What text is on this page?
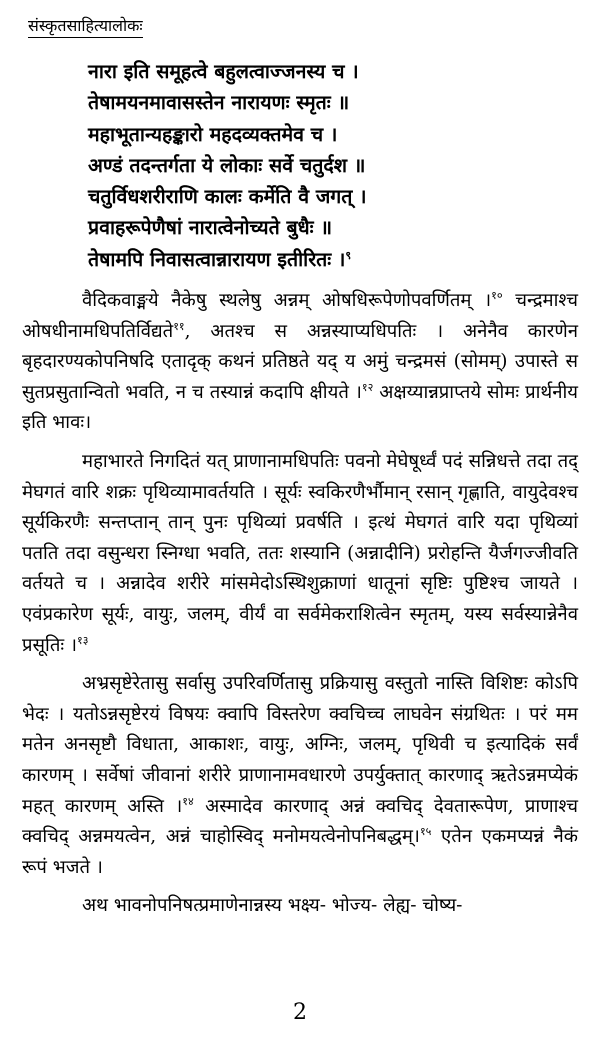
संस्कृतसाहित्यालोकः
नारा इति समूहत्वे बहुलत्वाज्जनस्य च ।
तेषामयनमावासस्तेन नारायणः स्मृतः ॥
महाभूतान्यहङ्कारो महदव्यक्तमेव च ।
अण्डं तदन्तर्गता ये लोकाः सर्वे चतुर्दश ॥
चतुर्विधशरीराणि कालः कर्मेति वै जगत् ।
प्रवाहरूपेणैषां नारात्वेनोच्यते बुधैः ॥
तेषामपि निवासत्वान्नारायण इतीरितः ।$^९$

वैदिकवाङ्मये नैकेषु स्थलेषु अन्नम् ओषधिरूपेणोपवर्णितम् ।$^{१०}$ चन्द्रमाश्च ओषधीनामधिपतिर्विद्यते$^{११}$, अतश्च स अन्नस्याप्यधिपतिः । अनेनैव कारणेन बृहदारण्यकोपनिषदि एतादृक् कथनं प्रतिष्ठते यद् य अमुं चन्द्रमसं (सोमम्) उपास्ते स सुतप्रसुतान्वितो भवति, न च तस्यान्नं कदापि क्षीयते ।$^{१२}$ अक्षय्यान्नप्राप्तये सोमः प्रार्थनीय इति भावः।

महाभारते निगदितं यत् प्राणानामधिपतिः पवनो मेघेषूर्ध्वं पदं सन्निधत्ते तदा तद् मेघगतं वारि शक्रः पृथिव्यामावर्तयति । सूर्यः स्वकिरणैर्भौमान् रसान् गृह्णाति, वायुदेवश्च सूर्यकिरणैः सन्तप्तान् तान् पुनः पृथिव्यां प्रवर्षति । इत्थं मेघगतं वारि यदा पृथिव्यां पतति तदा वसुन्धरा स्निग्धा भवति, ततः शस्यानि (अन्नादीनि) प्ररोहन्ति यैर्जगज्जीवति वर्तयते च । अन्नादेव शरीरे मांसमेदोऽस्थिशुक्राणां धातूनां सृष्टिः पुष्टिश्च जायते । एवंप्रकारेण सूर्यः, वायुः, जलम्, वीर्यं वा सर्वमेकराशित्वेन स्मृतम्, यस्य सर्वस्यान्नेनैव प्रसूतिः ।$^{१३}$

अभ्रसृष्टेरेतासु सर्वासु उपरिवर्णितासु प्रक्रियासु वस्तुतो नास्ति विशिष्टः कोऽपि भेदः । यतोऽन्नसृष्टेरयं विषयः क्वापि विस्तरेण क्वचिच्च लाघवेन संग्रथितः । परं मम मतेन अनसृष्टौ विधाता, आकाशः, वायुः, अग्निः, जलम्, पृथिवी च इत्यादिकं सर्वं कारणम् । सर्वेषां जीवानां शरीरे प्राणानामवधारणे उपर्युक्तात् कारणाद् ऋतेऽन्नमप्येकं महत् कारणम् अस्ति ।$^{१४}$ अस्मादेव कारणाद् अन्नं क्वचिद् देवतारूपेण, प्राणाश्च क्वचिद् अन्नमयत्वेन, अन्नं चाहोस्विद् मनोमयत्वेनोपनिबद्धम्।$^{१५}$ एतेन एकमप्यन्नं नैकं रूपं भजते ।

अथ भावनोपनिषत्प्रमाणेनान्नस्य भक्ष्य- भोज्य- लेह्य- चोष्य-

2
